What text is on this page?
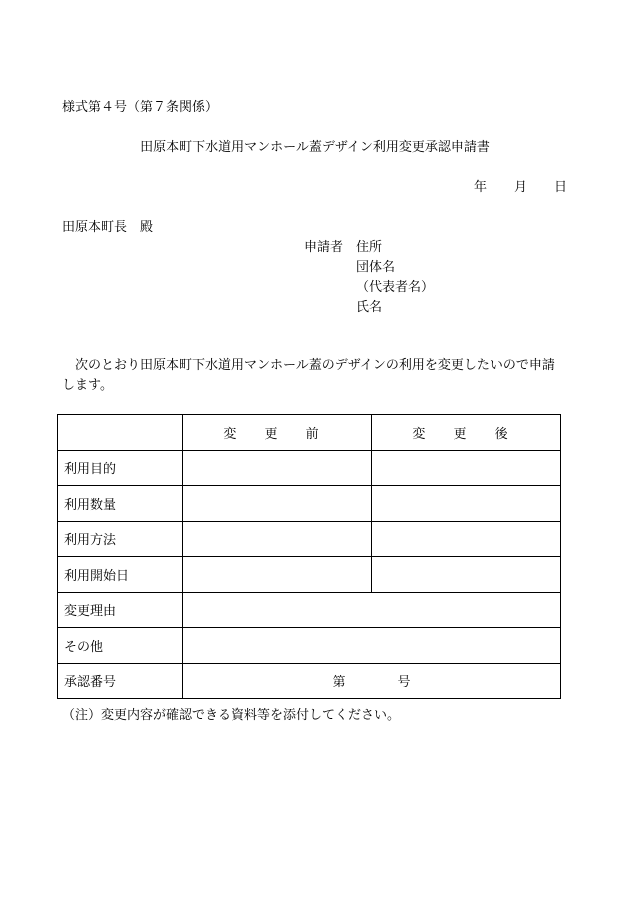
様式第４号（第７条関係）
田原本町下水道用マンホール蓋デザイン利用変更承認申請書
年 月 日
田原本町長　殿
申請者 住所
団体名
（代表者名）
氏名
次のとおり田原本町下水道用マンホール蓋のデザインの利用を変更したいので申請します。
	変 更 前	変 更 後
利用目的		
利用数量		
利用方法		
利用開始日		
変更理由		
その他		
承認番号	第 号	
（注）変更内容が確認できる資料等を添付してください。
